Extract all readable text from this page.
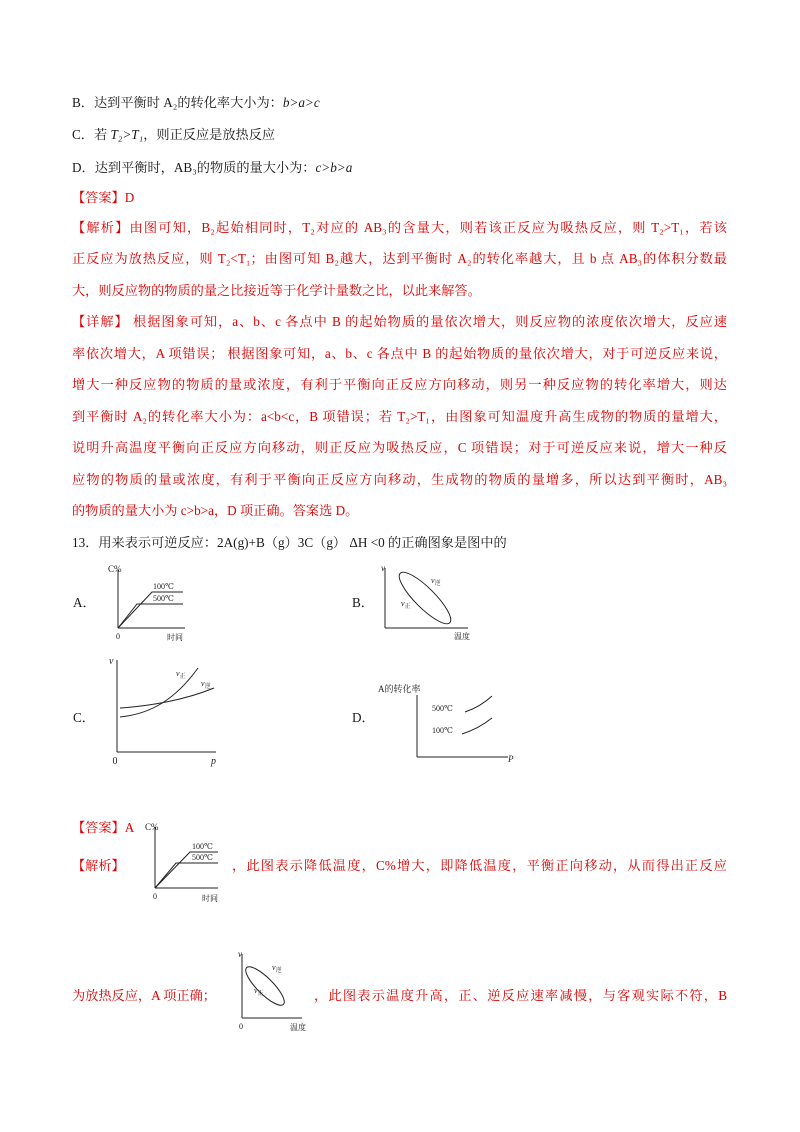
B．达到平衡时 A₂的转化率大小为：b>a>c
C．若 T₂>T₁，则正反应是放热反应
D．达到平衡时，AB₃的物质的量大小为：c>b>a
【答案】D
【解析】由图可知，B₂起始相同时，T₂对应的 AB₃的含量大，则若该正反应为吸热反应，则 T₂>T₁，若该
正反应为放热反应，则 T₂<T₁；由图可知 B₂越大，达到平衡时 A₂的转化率越大，且 b 点 AB₃的体积分数最
大，则反应物的物质的量之比接近等于化学计量数之比，以此来解答。
【详解】 根据图象可知，a、b、c 各点中 B 的起始物质的量依次增大，则反应物的浓度依次增大，反应速
率依次增大，A 项错误； 根据图象可知，a、b、c 各点中 B 的起始物质的量依次增大，对于可逆反应来说，
增大一种反应物的物质的量或浓度，有利于平衡向正反应方向移动，则另一种反应物的转化率增大，则达
到平衡时 A₂的转化率大小为：a<b<c，B 项错误；若 T₂>T₁，由图象可知温度升高生成物的物质的量增大，
说明升高温度平衡向正反应方向移动，则正反应为吸热反应，C 项错误；对于可逆反应来说，增大一种反
应物的物质的量或浓度，有利于平衡向正反应方向移动，生成物的物质的量增多，所以达到平衡时，AB₃
的物质的量大小为 c>b>a，D 项正确。答案选 D。
13．用来表示可逆反应：2A(g)+B（g）3C（g） ΔH <0 的正确图象是图中的
A．	B．
C．	D．
C%
100℃
500℃
0	时间
v
$v_逆$
$v_正$
温度
v
$v_正$
$v_逆$
0	p
A的转化率
500℃
100℃
P
【答案】A
【解析】
C%
100℃
500℃
0	时间
，此图表示降低温度，C%增大，即降低温度，平衡正向移动，从而得出正反应
为放热反应，A 项正确；
v
$v_逆$
$v_正$
0	温度
，此图表示温度升高，正、逆反应速率减慢，与客观实际不符，B
